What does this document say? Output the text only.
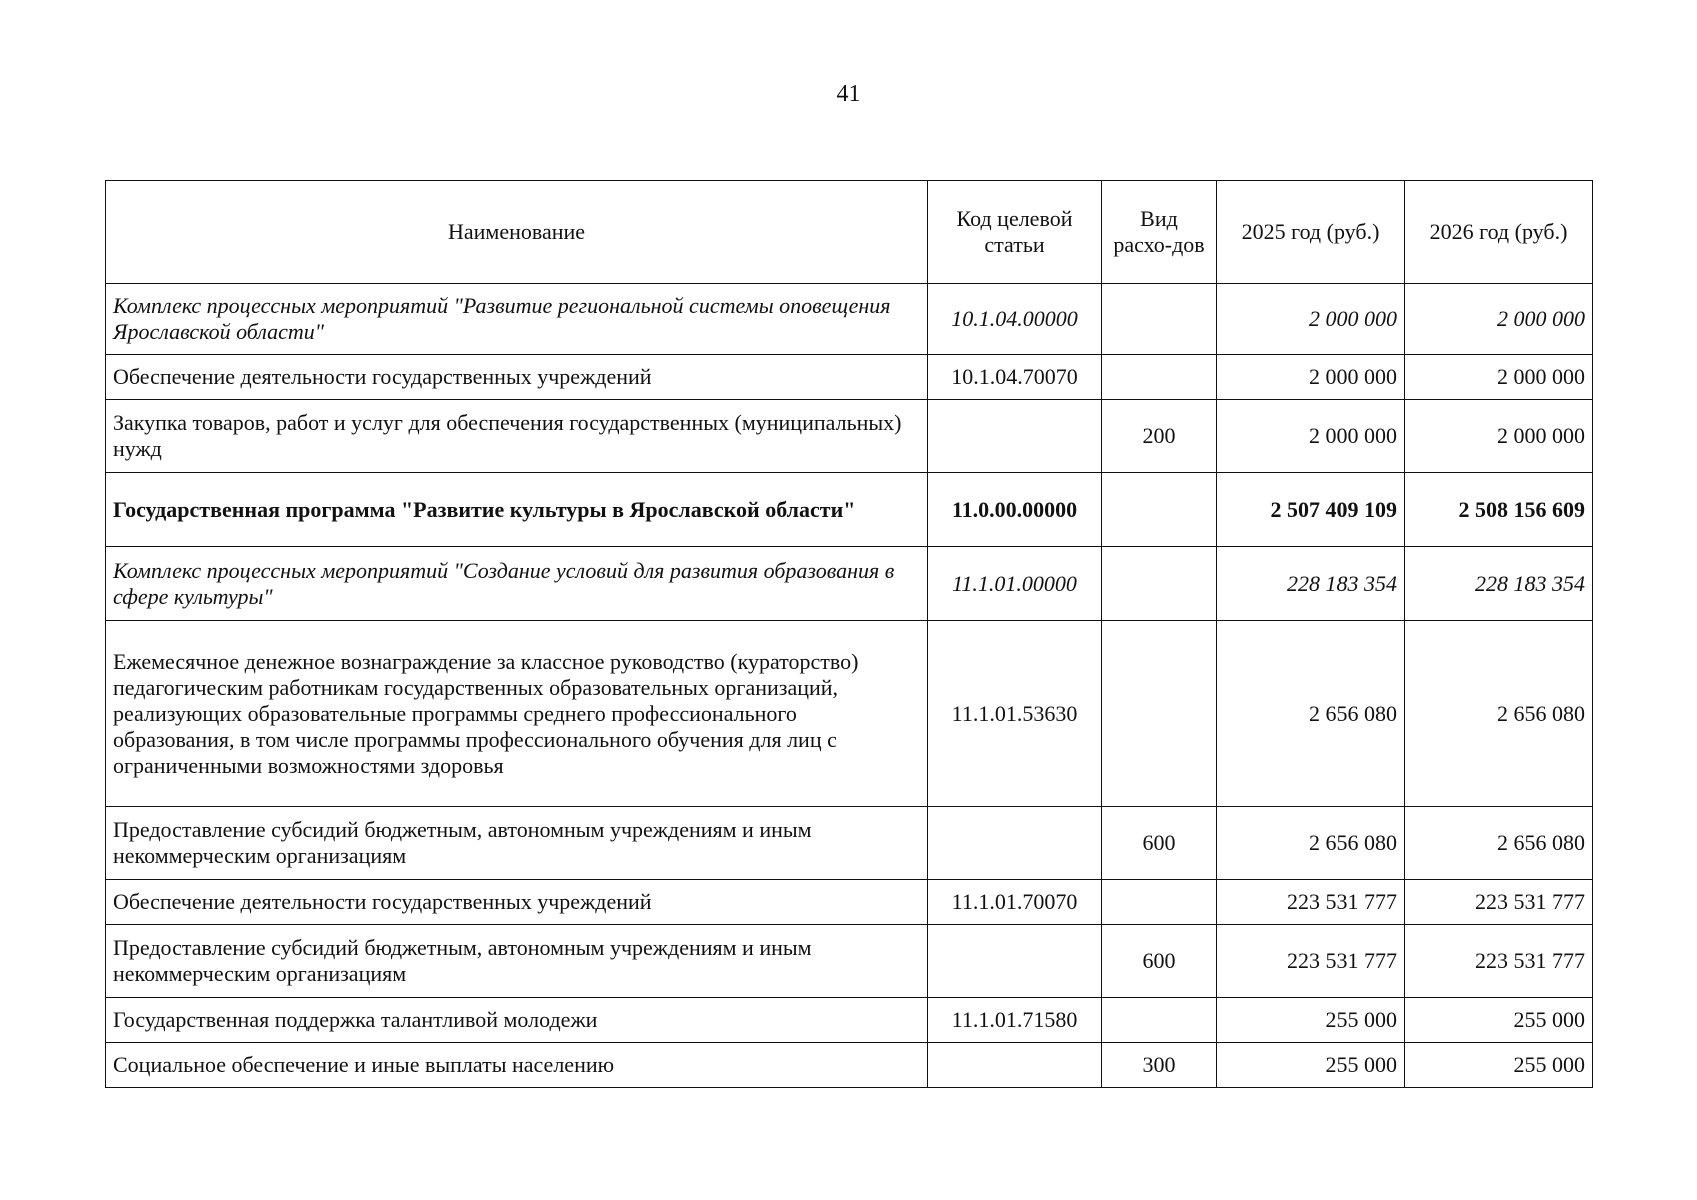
41
Наименование	Код целевой статьи	Вид расхо-дов	2025 год (руб.)	2026 год (руб.)
Комплекс процессных мероприятий "Развитие региональной системы оповещения Ярославской области"	10.1.04.00000		2 000 000	2 000 000
Обеспечение деятельности государственных учреждений	10.1.04.70070		2 000 000	2 000 000
Закупка товаров, работ и услуг для обеспечения государственных (муниципальных) нужд		200	2 000 000	2 000 000
Государственная программа "Развитие культуры в Ярославской области"	11.0.00.00000		2 507 409 109	2 508 156 609
Комплекс процессных мероприятий "Создание условий для развития образования в сфере культуры"	11.1.01.00000		228 183 354	228 183 354
Ежемесячное денежное вознаграждение за классное руководство (кураторство) педагогическим работникам государственных образовательных организаций, реализующих образовательные программы среднего профессионального образования, в том числе программы профессионального обучения для лиц с ограниченными возможностями здоровья	11.1.01.53630		2 656 080	2 656 080
Предоставление субсидий бюджетным, автономным учреждениям и иным некоммерческим организациям		600	2 656 080	2 656 080
Обеспечение деятельности государственных учреждений	11.1.01.70070		223 531 777	223 531 777
Предоставление субсидий бюджетным, автономным учреждениям и иным некоммерческим организациям		600	223 531 777	223 531 777
Государственная поддержка талантливой молодежи	11.1.01.71580		255 000	255 000
Социальное обеспечение и иные выплаты населению		300	255 000	255 000
